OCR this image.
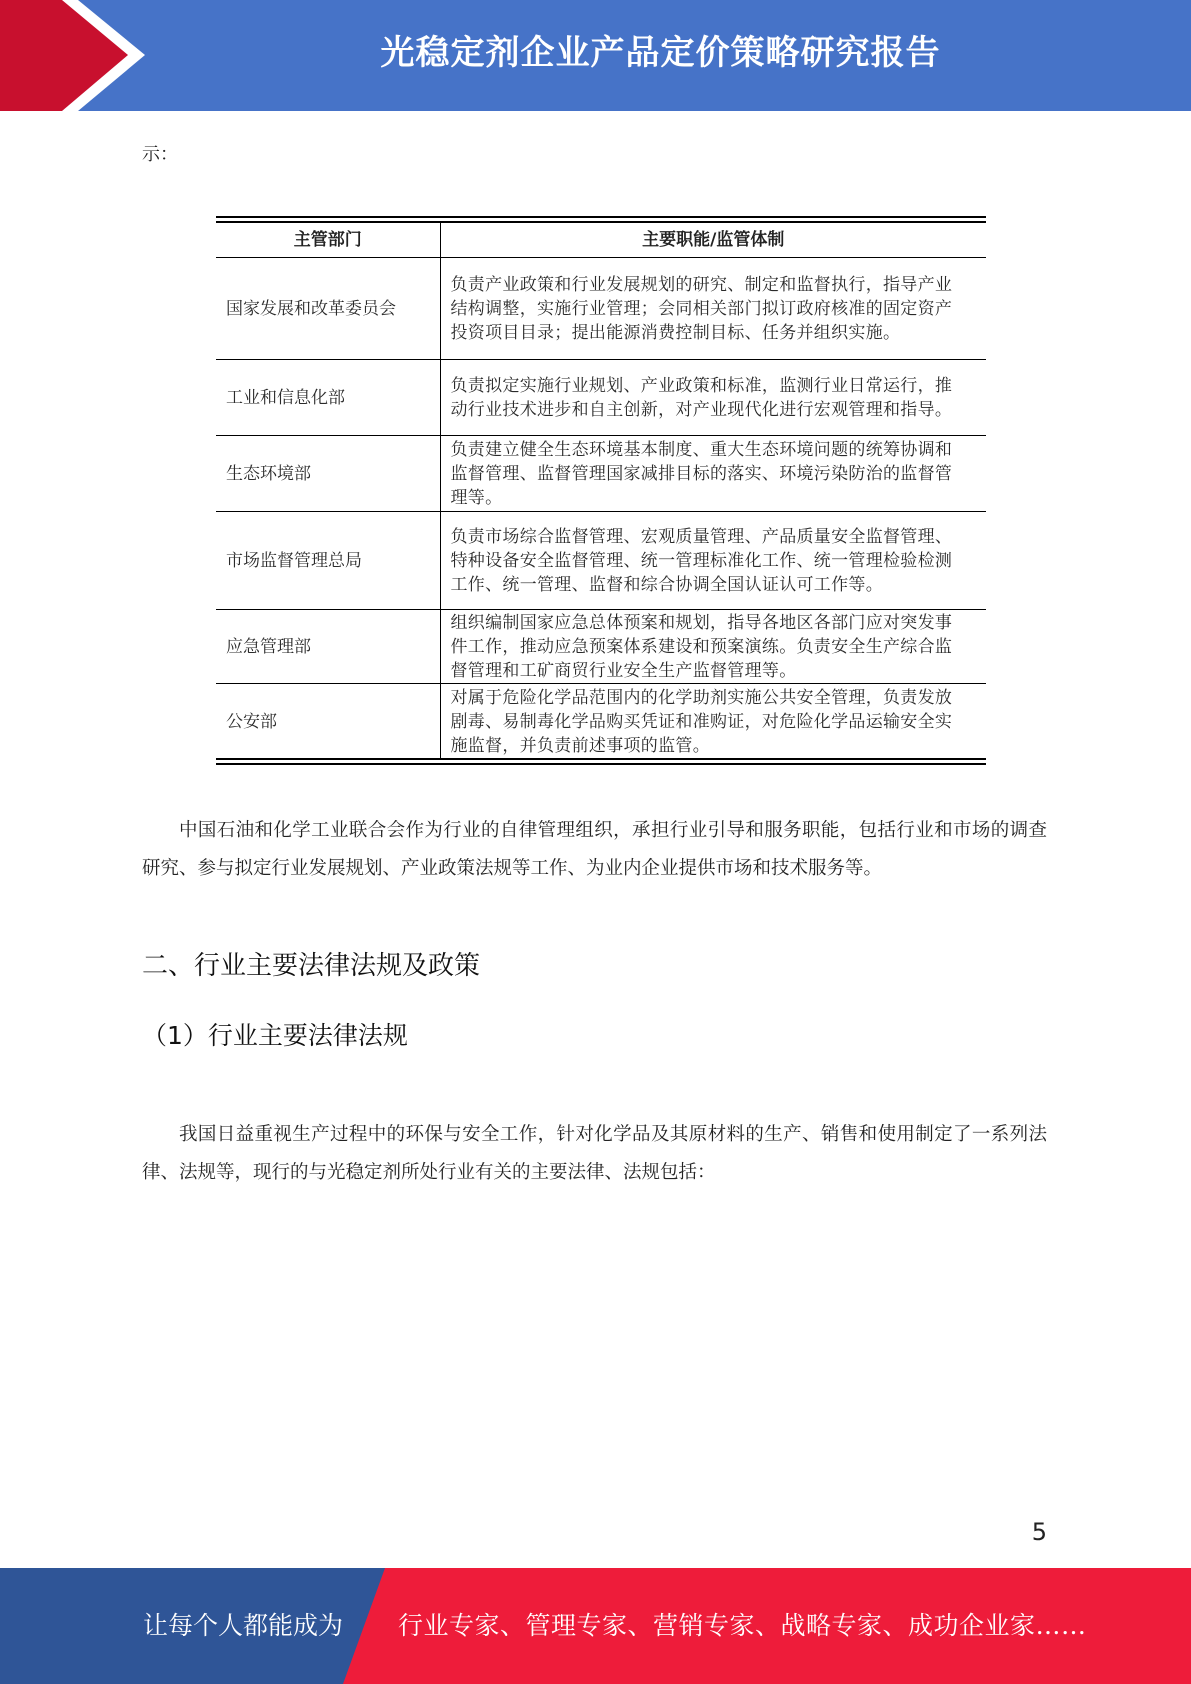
光稳定剂企业产品定价策略研究报告
示：
主管部门	主要职能/监管体制
国家发展和改革委员会	负责产业政策和行业发展规划的研究、制定和监督执行，指导产业结构调整，实施行业管理；会同相关部门拟订政府核准的固定资产投资项目目录；提出能源消费控制目标、任务并组织实施。
工业和信息化部	负责拟定实施行业规划、产业政策和标准，监测行业日常运行，推动行业技术进步和自主创新，对产业现代化进行宏观管理和指导。
生态环境部	负责建立健全生态环境基本制度、重大生态环境问题的统筹协调和监督管理、监督管理国家减排目标的落实、环境污染防治的监督管理等。
市场监督管理总局	负责市场综合监督管理、宏观质量管理、产品质量安全监督管理、特种设备安全监督管理、统一管理标准化工作、统一管理检验检测工作、统一管理、监督和综合协调全国认证认可工作等。
应急管理部	组织编制国家应急总体预案和规划，指导各地区各部门应对突发事件工作，推动应急预案体系建设和预案演练。负责安全生产综合监督管理和工矿商贸行业安全生产监督管理等。
公安部	对属于危险化学品范围内的化学助剂实施公共安全管理，负责发放剧毒、易制毒化学品购买凭证和准购证，对危险化学品运输安全实施监督，并负责前述事项的监管。
中国石油和化学工业联合会作为行业的自律管理组织，承担行业引导和服务职能，包括行业和市场的调查研究、参与拟定行业发展规划、产业政策法规等工作、为业内企业提供市场和技术服务等。
二、行业主要法律法规及政策
（1）行业主要法律法规
我国日益重视生产过程中的环保与安全工作，针对化学品及其原材料的生产、销售和使用制定了一系列法律、法规等，现行的与光稳定剂所处行业有关的主要法律、法规包括：
5
让每个人都能成为 行业专家、管理专家、营销专家、战略专家、成功企业家……
